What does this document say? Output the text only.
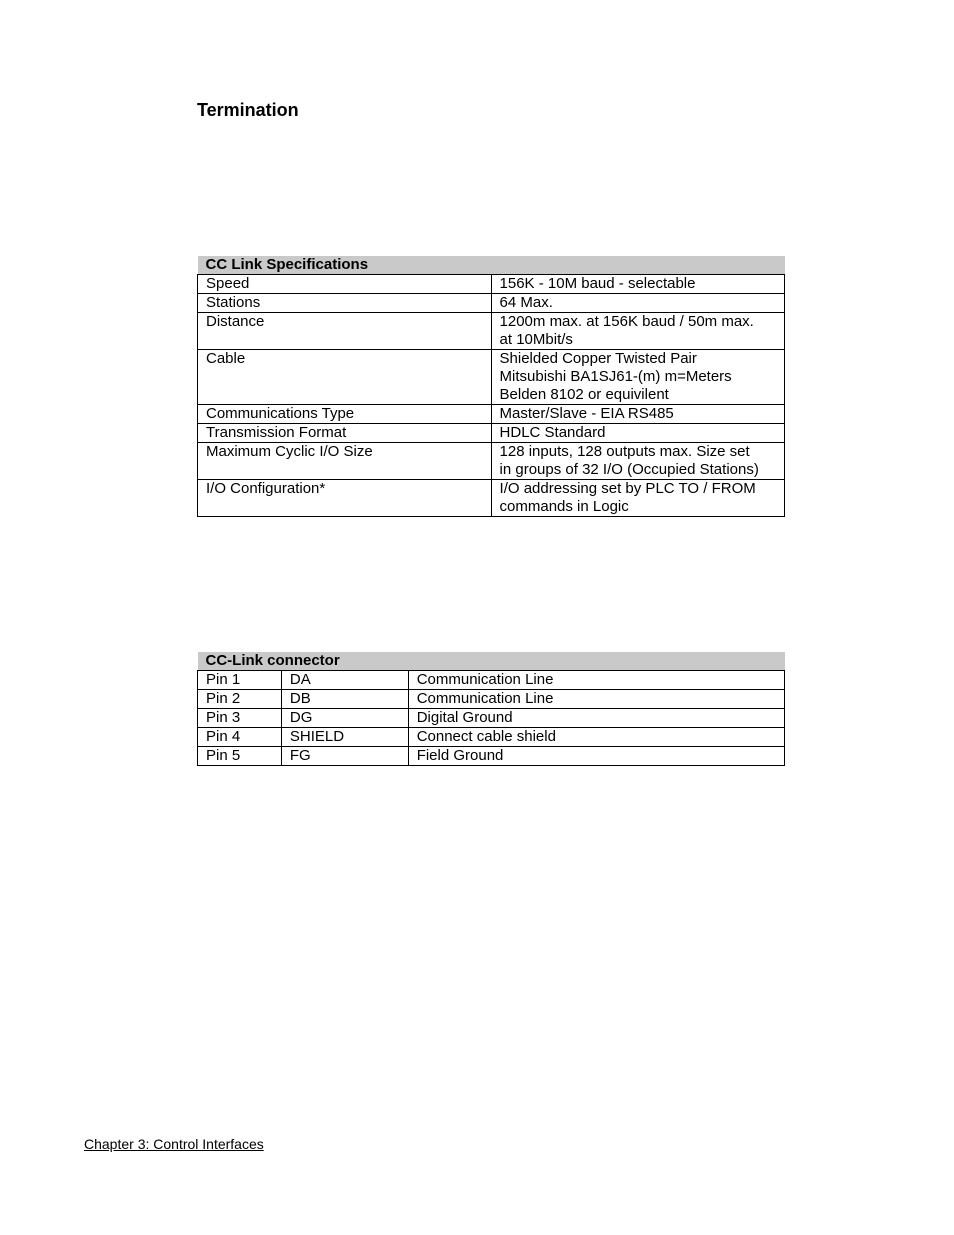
Termination
CC Link Specifications	
Speed	156K - 10M baud - selectable

Stations	64 Max.

Distance	1200m max. at 156K baud / 50m max.
at 10Mbit/s

Cable	Shielded Copper Twisted Pair
Mitsubishi BA1SJ61-(m) m=Meters
Belden 8102 or equivilent

Communications Type	Master/Slave - EIA RS485

Transmission Format	HDLC Standard

Maximum Cyclic I/O Size	128 inputs, 128 outputs max. Size set
in groups of 32 I/O (Occupied Stations)

I/O Configuration*	I/O addressing set by PLC TO / FROM
commands in Logic
CC-Link connector		
Pin 1	DA	Communication Line
Pin 2	DB	Communication Line
Pin 3	DG	Digital Ground
Pin 4	SHIELD	Connect cable shield
Pin 5	FG	Field Ground

Chapter 3: Control Interfaces
